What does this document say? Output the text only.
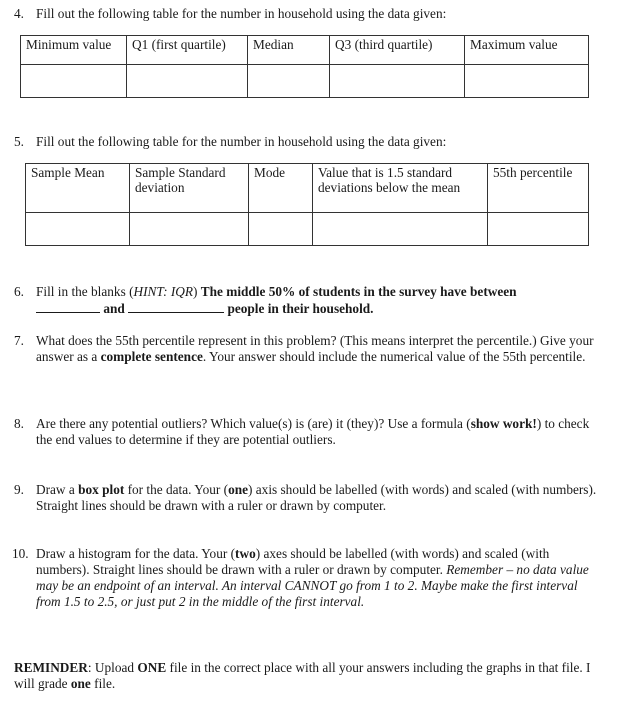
4. Fill out the following table for the number in household using the data given:
Minimum value	Q1 (first quartile)	Median	Q3 (third quartile)	Maximum value

5. Fill out the following table for the number in household using the data given:
Sample Mean	Sample Standard deviation	Mode	Value that is 1.5 standard deviations below the mean	55th percentile

6. Fill in the blanks (HINT: IQR) The middle 50% of students in the survey have between
and	people in their household.
7. What does the 55th percentile represent in this problem? (This means interpret the percentile.) Give your answer as a complete sentence. Your answer should include the numerical value of the 55th percentile.
8. Are there any potential outliers? Which value(s) is (are) it (they)? Use a formula (show work!) to check the end values to determine if they are potential outliers.
9. Draw a box plot for the data. Your (one) axis should be labelled (with words) and scaled (with numbers). Straight lines should be drawn with a ruler or drawn by computer.
10. Draw a histogram for the data. Your (two) axes should be labelled (with words) and scaled (with numbers). Straight lines should be drawn with a ruler or drawn by computer. Remember – no data value may be an endpoint of an interval. An interval CANNOT go from 1 to 2. Maybe make the first interval from 1.5 to 2.5, or just put 2 in the middle of the first interval.
REMINDER: Upload ONE file in the correct place with all your answers including the graphs in that file. I will grade one file.
